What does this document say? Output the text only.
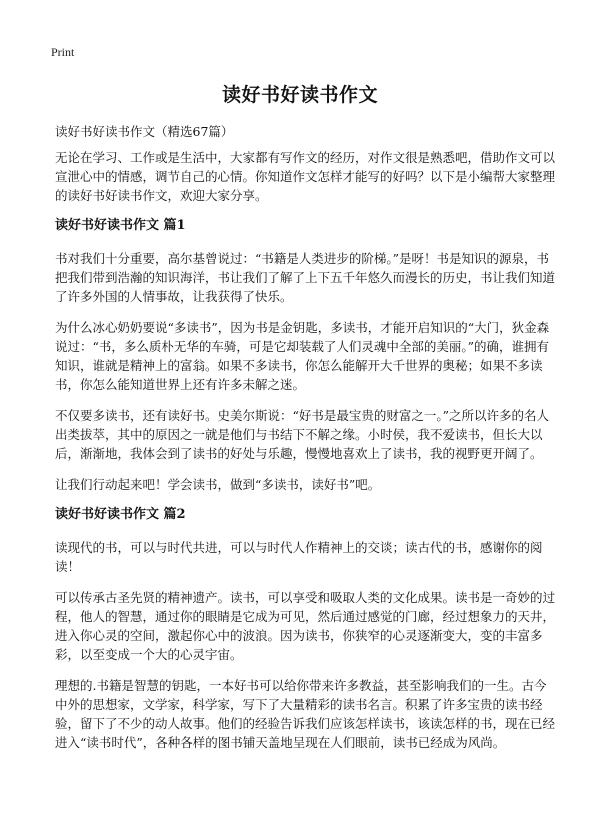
Print
读好书好读书作文
读好书好读书作文（精选67篇）

无论在学习、工作或是生活中，大家都有写作文的经历，对作文很是熟悉吧，借助作文可以宣泄心中的情感，调节自己的心情。你知道作文怎样才能写的好吗？以下是小编帮大家整理的读好书好读书作文，欢迎大家分享。

读好书好读书作文 篇1

书对我们十分重要，高尔基曾说过：“书籍是人类进步的阶梯。”是呀！书是知识的源泉，书把我们带到浩瀚的知识海洋，书让我们了解了上下五千年悠久而漫长的历史，书让我们知道了许多外国的人情事故，让我获得了快乐。

为什么冰心奶奶要说“多读书”，因为书是金钥匙，多读书，才能开启知识的“大门，狄金森说过：“书，多么质朴无华的车骑，可是它却装载了人们灵魂中全部的美丽。”的确，谁拥有知识，谁就是精神上的富翁。如果不多读书，你怎么能解开大千世界的奥秘；如果不多读书，你怎么能知道世界上还有许多未解之迷。

不仅要多读书，还有读好书。史美尔斯说：“好书是最宝贵的财富之一。”之所以许多的名人出类拔萃，其中的原因之一就是他们与书结下不解之缘。小时侯，我不爱读书，但长大以后，渐渐地，我体会到了读书的好处与乐趣，慢慢地喜欢上了读书，我的视野更开阔了。

让我们行动起来吧！学会读书，做到“多读书，读好书”吧。

读好书好读书作文 篇2

读现代的书，可以与时代共进，可以与时代人作精神上的交谈；读古代的书，感谢你的阅读！

可以传承古圣先贤的精神遗产。读书，可以享受和吸取人类的文化成果。读书是一奇妙的过程，他人的智慧，通过你的眼睛是它成为可见，然后通过感觉的门廊，经过想象力的天井，进入你心灵的空间，激起你心中的波浪。因为读书，你狭窄的心灵逐渐变大，变的丰富多彩，以至变成一个大的心灵宇宙。

理想的.书籍是智慧的钥匙，一本好书可以给你带来许多教益，甚至影响我们的一生。古今中外的思想家，文学家，科学家，写下了大量精彩的读书名言。积累了许多宝贵的读书经验，留下了不少的动人故事。他们的经验告诉我们应该怎样读书，该读怎样的书，现在已经进入“读书时代”，各种各样的图书铺天盖地呈现在人们眼前，读书已经成为风尚。
